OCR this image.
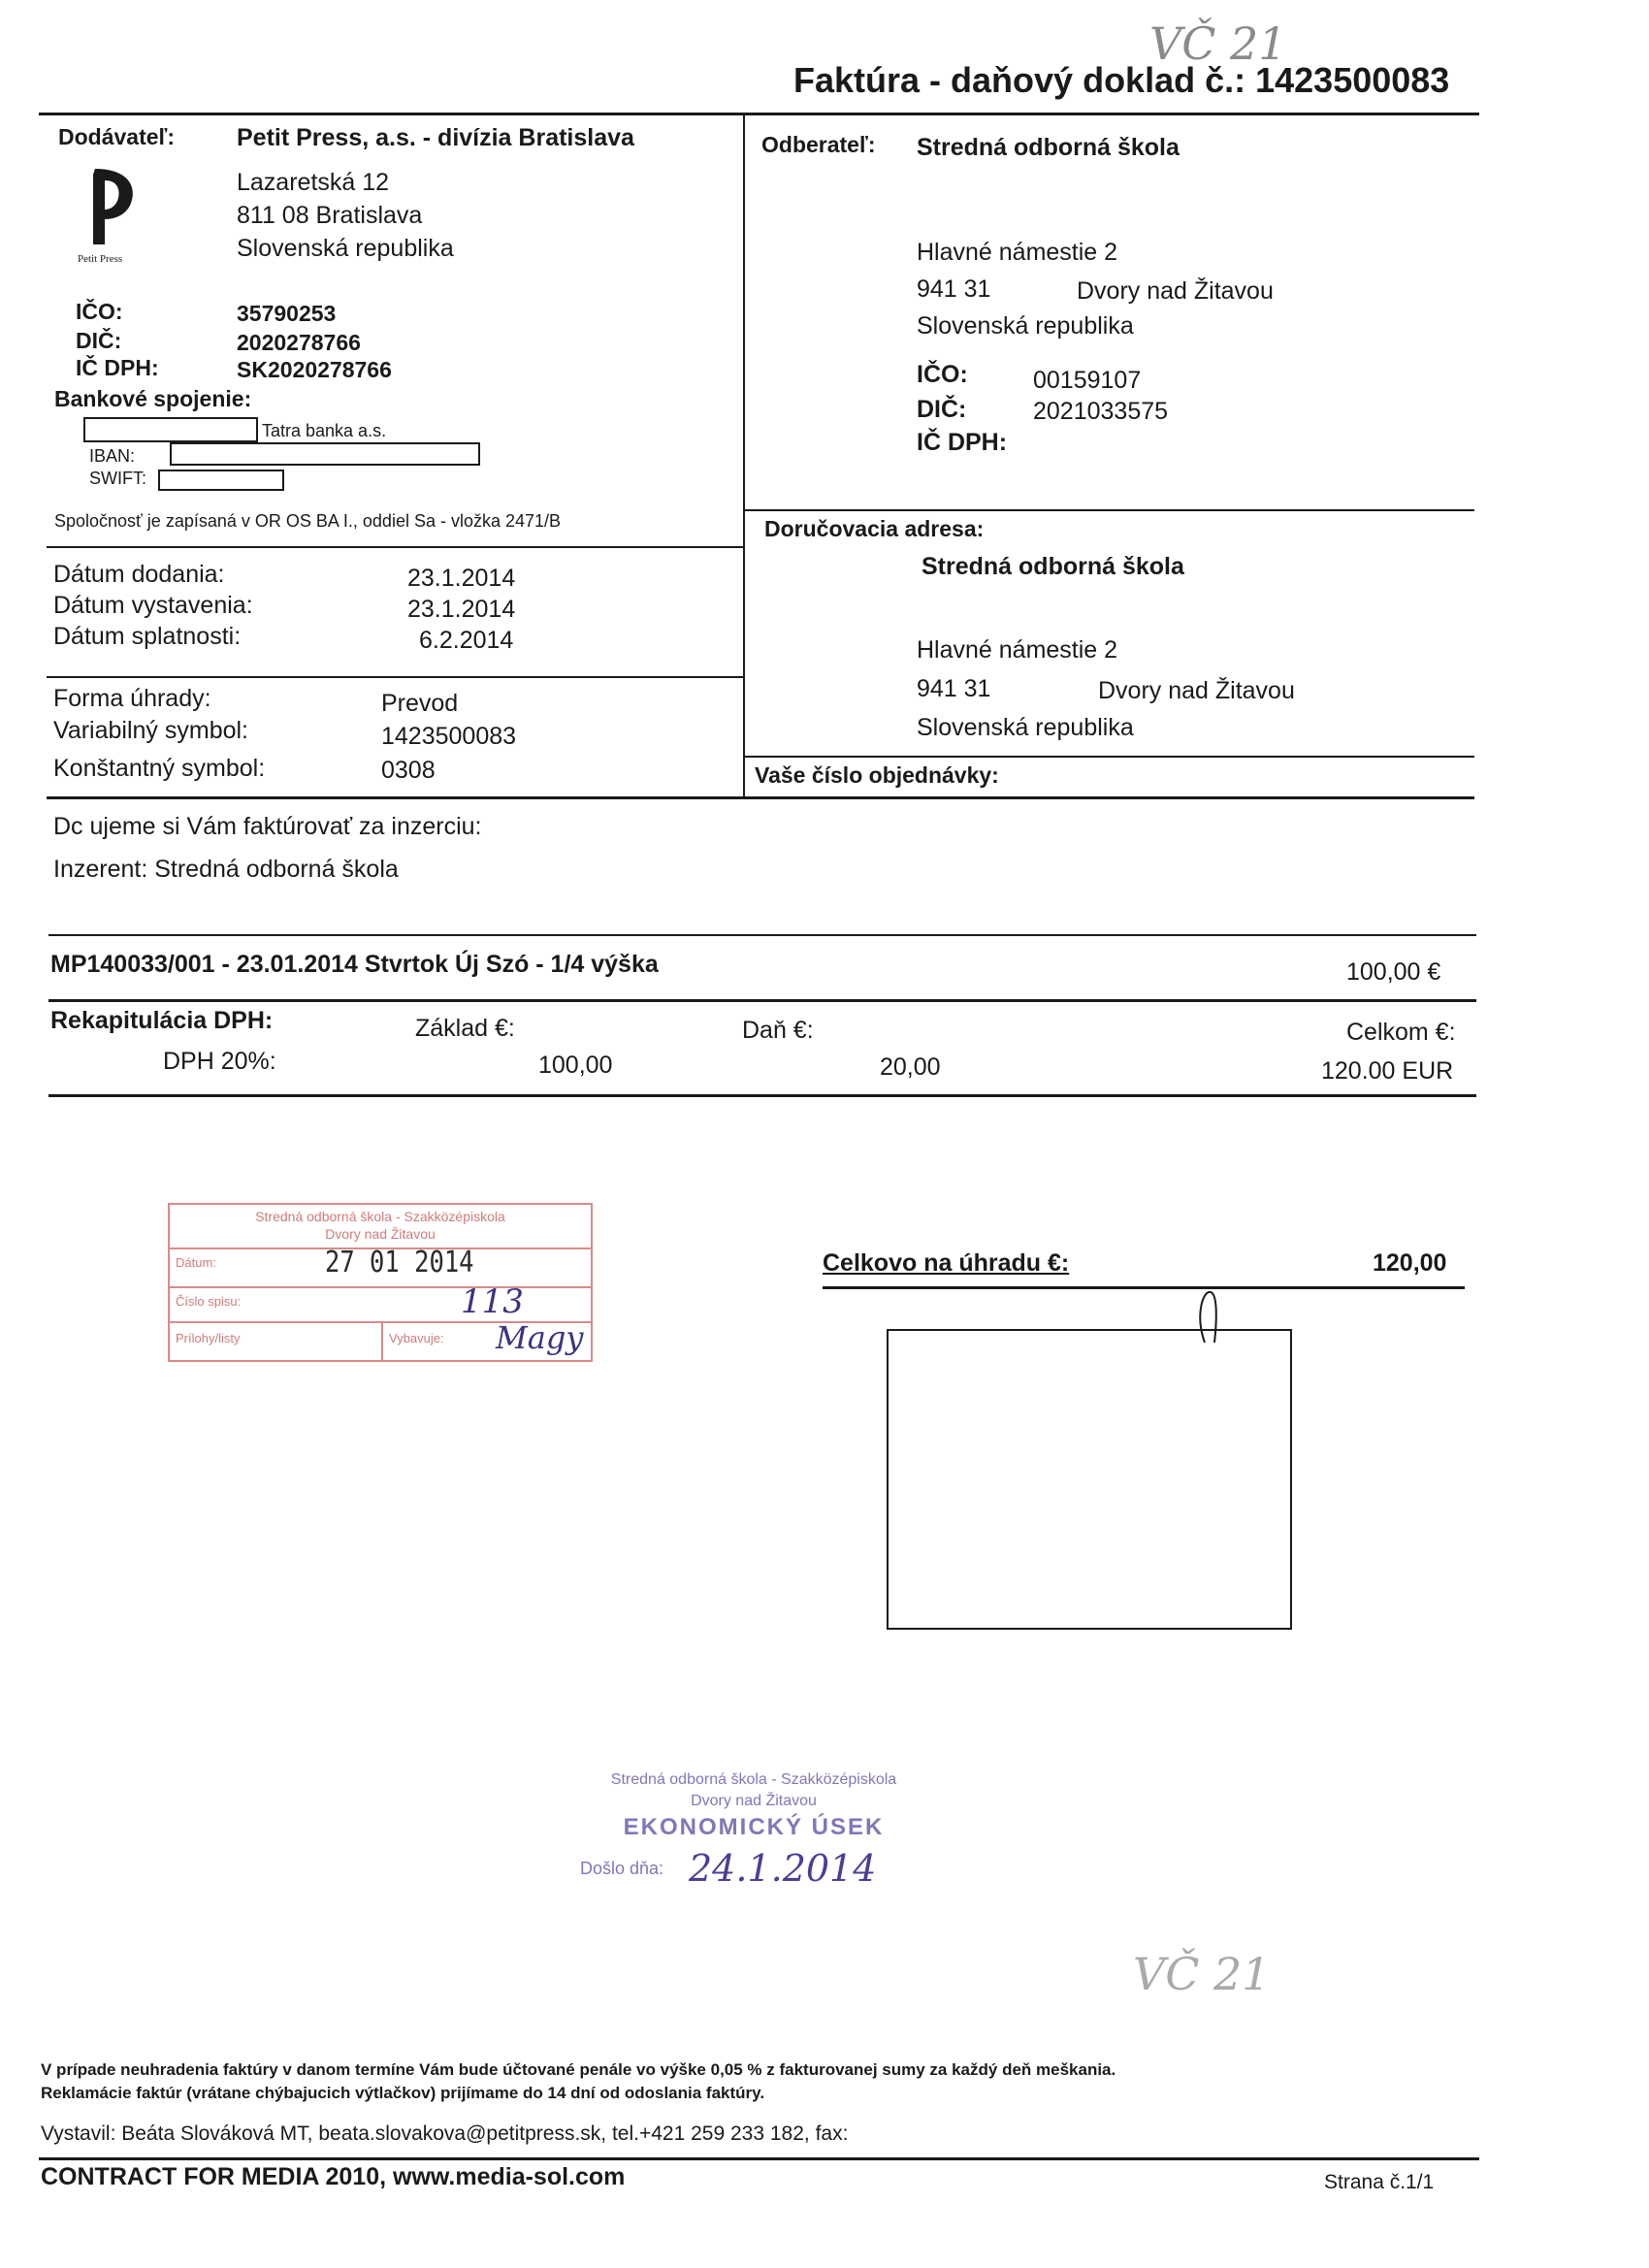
Faktúra - daňový doklad č.: 1423500083
VČ 21
Dodávateľ:	Petit Press, a.s. - divízia Bratislava
Petit Press
Lazaretská 12
811 08 Bratislava
Slovenská republika
IČO:	35790253
DIČ:	2020278766
IČ DPH:	SK2020278766
Bankové spojenie:
Tatra banka a.s.
IBAN:
SWIFT:
Spoločnosť je zapísaná v OR OS BA I., oddiel Sa - vložka 2471/B
Dátum dodania:	23.1.2014
Dátum vystavenia:	23.1.2014
Dátum splatnosti:	6.2.2014
Forma úhrady:	Prevod
Variabilný symbol:	1423500083
Konštantný symbol:	0308
Odberateľ: Stredná odborná škola
Hlavné námestie 2
941 31	Dvory nad Žitavou
Slovenská republika
IČO:	00159107
DIČ:	2021033575
IČ DPH:
Doručovacia adresa:
Stredná odborná škola
Hlavné námestie 2
941 31	Dvory nad Žitavou
Slovenská republika
Vaše číslo objednávky:
Dc ujeme si Vám faktúrovať za inzerciu:
Inzerent: Stredná odborná škola
MP140033/001 - 23.01.2014 Stvrtok Új Szó - 1/4 výška	100,00 €
Rekapitulácia DPH:	Základ €:	Daň €:	Celkom €:
DPH 20%:	100,00	20,00	120.00 EUR
Stredná odborná škola - Szakközépiskola
Dvory nad Žitavou
Dátum:	27 01 2014
Číslo spisu:	113
Prílohy/listy	Vybavuje: Magy
Celkovo na úhradu €:	120,00
Stredná odborná škola - Szakközépiskola
Dvory nad Žitavou
EKONOMICKÝ ÚSEK
Došlo dňa: 24.1.2014
VČ 21
V prípade neuhradenia faktúry v danom termíne Vám bude účtované penále vo výške 0,05 % z fakturovanej sumy za každý deň meškania.
Reklamácie faktúr (vrátane chýbajucich výtlačkov) prijímame do 14 dní od odoslania faktúry.
Vystavil: Beáta Slováková MT, beata.slovakova@petitpress.sk, tel.+421 259 233 182, fax:
CONTRACT FOR MEDIA 2010, www.media-sol.com	Strana č.1/1
